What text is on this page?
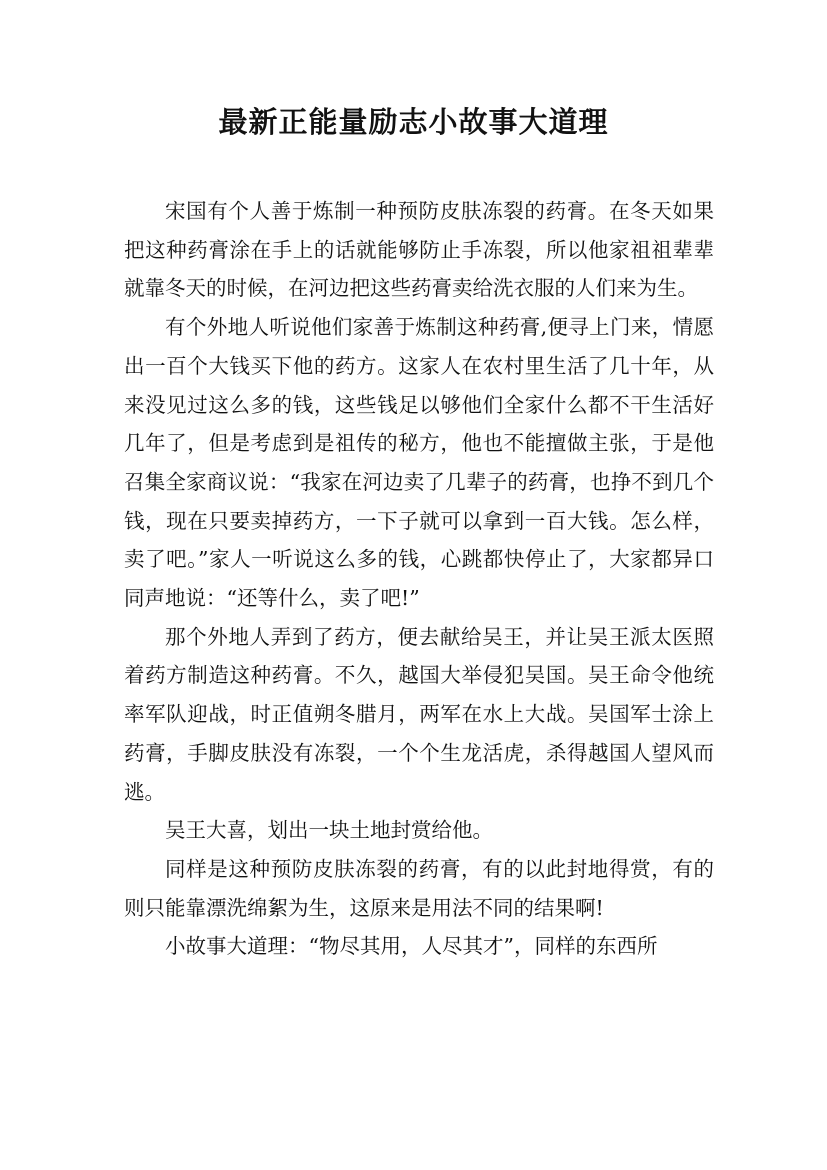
最新正能量励志小故事大道理

宋国有个人善于炼制一种预防皮肤冻裂的药膏。在冬天如果把这种药膏涂在手上的话就能够防止手冻裂，所以他家祖祖辈辈就靠冬天的时候，在河边把这些药膏卖给洗衣服的人们来为生。

有个外地人听说他们家善于炼制这种药膏,便寻上门来，情愿出一百个大钱买下他的药方。这家人在农村里生活了几十年，从来没见过这么多的钱，这些钱足以够他们全家什么都不干生活好几年了，但是考虑到是祖传的秘方，他也不能擅做主张，于是他召集全家商议说：“我家在河边卖了几辈子的药膏，也挣不到几个钱，现在只要卖掉药方，一下子就可以拿到一百大钱。怎么样，卖了吧。”家人一听说这么多的钱，心跳都快停止了，大家都异口同声地说：“还等什么，卖了吧!”

那个外地人弄到了药方，便去献给吴王，并让吴王派太医照着药方制造这种药膏。不久，越国大举侵犯吴国。吴王命令他统率军队迎战，时正值朔冬腊月，两军在水上大战。吴国军士涂上药膏，手脚皮肤没有冻裂，一个个生龙活虎，杀得越国人望风而逃。

吴王大喜，划出一块土地封赏给他。

同样是这种预防皮肤冻裂的药膏，有的以此封地得赏，有的则只能靠漂洗绵絮为生，这原来是用法不同的结果啊!

小故事大道理：“物尽其用，人尽其才”，同样的东西所
